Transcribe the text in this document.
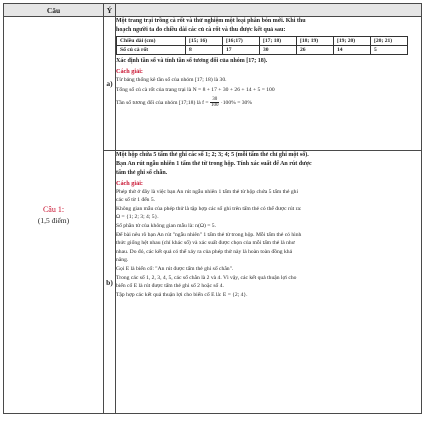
Câu	Ý	

Câu 1:
(1,5 điểm)
	a)	
Một trang trại trồng cà rốt và thử nghiệm một loại phân bón mới. Khi thu
hoạch người ta đo chiều dài các củ cà rốt và thu được kết quả sau:
Chiều dài (cm)	[15; 16)	[16;17)	[17; 18)	[18; 19)	[19; 20)	[20; 21)
Số củ cà rốt	8	17	30	26	14	5
Xác định tần số và tính tần số tương đối của nhóm [17; 18).
Cách giải:
Từ bảng thống kê tần số của nhóm [17; 18) là 30.
Tổng số củ cà rốt của trang trại là N = 8 + 17 + 30 + 26 + 14 + 5 = 100
Tần số tương đối của nhóm [17;18) là $f = \frac{30}{100} \cdot 100\% = 30\%$

b)	
Một hộp chứa 5 tấm thẻ ghi các số 1; 2; 3; 4; 5 (mỗi tấm thẻ chỉ ghi một số).
Bạn An rút ngẫu nhiên 1 tấm thẻ từ trong hộp. Tính xác suất để An rút được
tấm thẻ ghi số chẵn.
Cách giải:
Phép thử ở đây là việc bạn An rút ngẫu nhiên 1 tấm thẻ từ hộp chứa 5 tấm thẻ ghi
các số từ 1 đến 5.
Không gian mẫu của phép thử là tập hợp các số ghi trên tấm thẻ có thể được rút ra:
Ω = {1; 2; 3; 4; 5}.
Số phần tử của không gian mẫu là: n(Ω) = 5.
Để bài nêu rõ bạn An rút "ngẫu nhiên" 1 tấm thẻ từ trong hộp. Mỗi tấm thẻ có hình
thức giống hệt nhau (chỉ khác số) và xác suất được chọn của mỗi tấm thẻ là như
nhau. Do đó, các kết quả có thể xảy ra của phép thử này là hoàn toàn đồng khả
năng.
Gọi E là biến cố: "An rút được tấm thẻ ghi số chẵn".
Trong các số 1, 2, 3, 4, 5, các số chẵn là 2 và 4. Vì vậy, các kết quả thuận lợi cho
biến cố E là rút được tấm thẻ ghi số 2 hoặc số 4.
Tập hợp các kết quả thuận lợi cho biến cố E là: E = {2; 4}.
